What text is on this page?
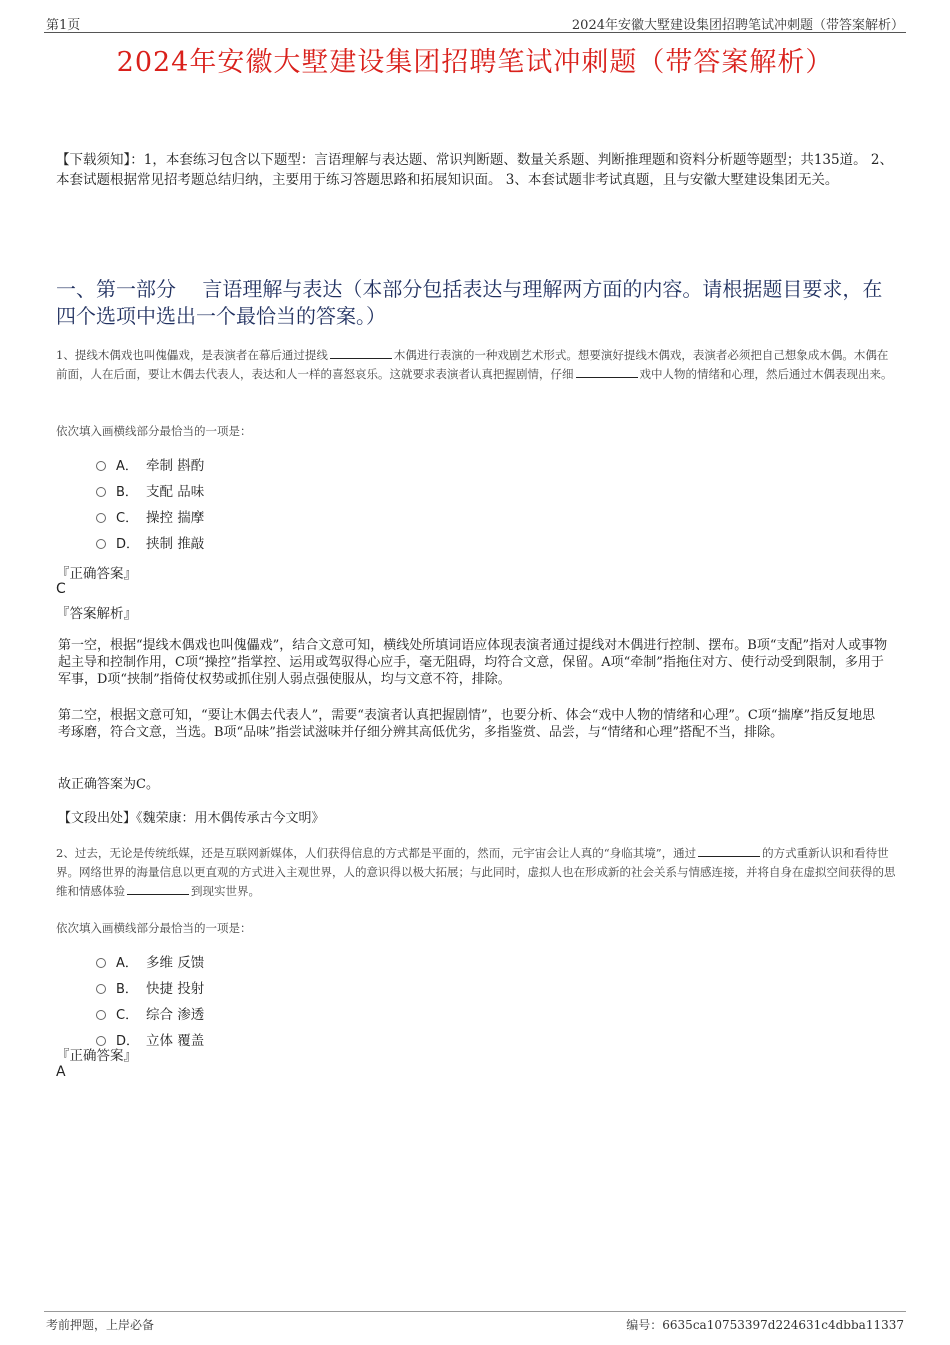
第1页	2024年安徽大墅建设集团招聘笔试冲刺题（带答案解析）
2024年安徽大墅建设集团招聘笔试冲刺题（带答案解析）
【下载须知】：1，本套练习包含以下题型：言语理解与表达题、常识判断题、数量关系题、判断推理题和资料分析题等题型；共135道。 2、本套试题根据常见招考题总结归纳，主要用于练习答题思路和拓展知识面。 3、本套试题非考试真题，且与安徽大墅建设集团无关。
一、第一部分　 言语理解与表达（本部分包括表达与理解两方面的内容。请根据题目要求，在四个选项中选出一个最恰当的答案。）
1、提线木偶戏也叫傀儡戏，是表演者在幕后通过提线	木偶进行表演的一种戏剧艺术形式。想要演好提线木偶戏，表演者必须把自己想象成木偶。木偶在前面，人在后面，要让木偶去代表人，表达和人一样的喜怒哀乐。这就要求表演者认真把握剧情，仔细	戏中人物的情绪和心理，然后通过木偶表现出来。
依次填入画横线部分最恰当的一项是：
A． 牵制 斟酌
B． 支配 品味
C． 操控 揣摩
D． 挟制 推敲
『正确答案』
C
『答案解析』
第一空，根据“提线木偶戏也叫傀儡戏”，结合文意可知，横线处所填词语应体现表演者通过提线对木偶进行控制、摆布。B项“支配”指对人或事物起主导和控制作用，C项“操控”指掌控、运用或驾驭得心应手，毫无阻碍，均符合文意，保留。A项“牵制”指拖住对方、使行动受到限制，多用于军事，D项“挟制”指倚仗权势或抓住别人弱点强使服从，均与文意不符，排除。
第二空，根据文意可知，“要让木偶去代表人”，需要“表演者认真把握剧情”，也要分析、体会“戏中人物的情绪和心理”。C项“揣摩”指反复地思考琢磨，符合文意，当选。B项“品味”指尝试滋味并仔细分辨其高低优劣，多指鉴赏、品尝，与“情绪和心理”搭配不当，排除。
故正确答案为C。
【文段出处】《魏荣康：用木偶传承古今文明》
2、过去，无论是传统纸媒，还是互联网新媒体，人们获得信息的方式都是平面的，然而，元宇宙会让人真的“身临其境”，通过	的方式重新认识和看待世界。网络世界的海量信息以更直观的方式进入主观世界，人的意识得以极大拓展；与此同时，虚拟人也在形成新的社会关系与情感连接，并将自身在虚拟空间获得的思维和情感体验	到现实世界。
依次填入画横线部分最恰当的一项是：
A． 多维 反馈
B． 快捷 投射
C． 综合 渗透
D． 立体 覆盖
『正确答案』
A
考前押题，上岸必备	编号：6635ca10753397d224631c4dbba11337
